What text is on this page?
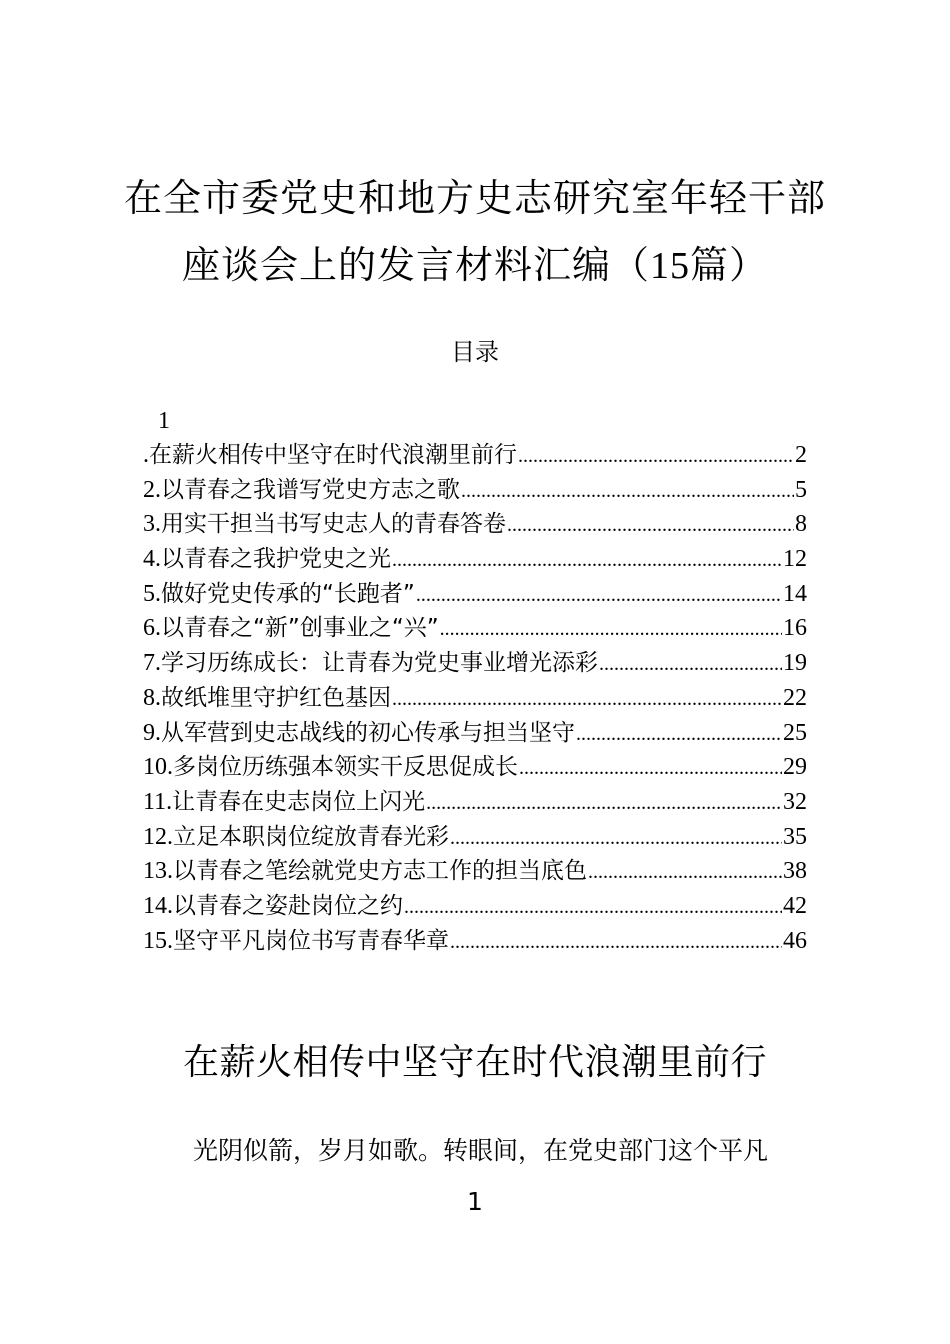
在全市委党史和地方史志研究室年轻干部
座谈会上的发言材料汇编（15篇）
目录
1
.在薪火相传中坚守在时代浪潮里前行 .....	2
2.以青春之我谱写党史方志之歌 .....	5
3.用实干担当书写史志人的青春答卷 .....	8
4.以青春之我护党史之光 .....	12
5.做好党史传承的“长跑者” .....	14
6.以青春之“新”创事业之“兴” .....	16
7.学习历练成长：让青春为党史事业增光添彩 .....	19
8.故纸堆里守护红色基因 .....	22
9.从军营到史志战线的初心传承与担当坚守 .....	25
10.多岗位历练强本领实干反思促成长 .....	29
11.让青春在史志岗位上闪光 .....	32
12.立足本职岗位绽放青春光彩 .....	35
13.以青春之笔绘就党史方志工作的担当底色 .....	38
14.以青春之姿赴岗位之约 .....	42
15.坚守平凡岗位书写青春华章 .....	46
在薪火相传中坚守在时代浪潮里前行
光阴似箭，岁月如歌。转眼间，在党史部门这个平凡
1
